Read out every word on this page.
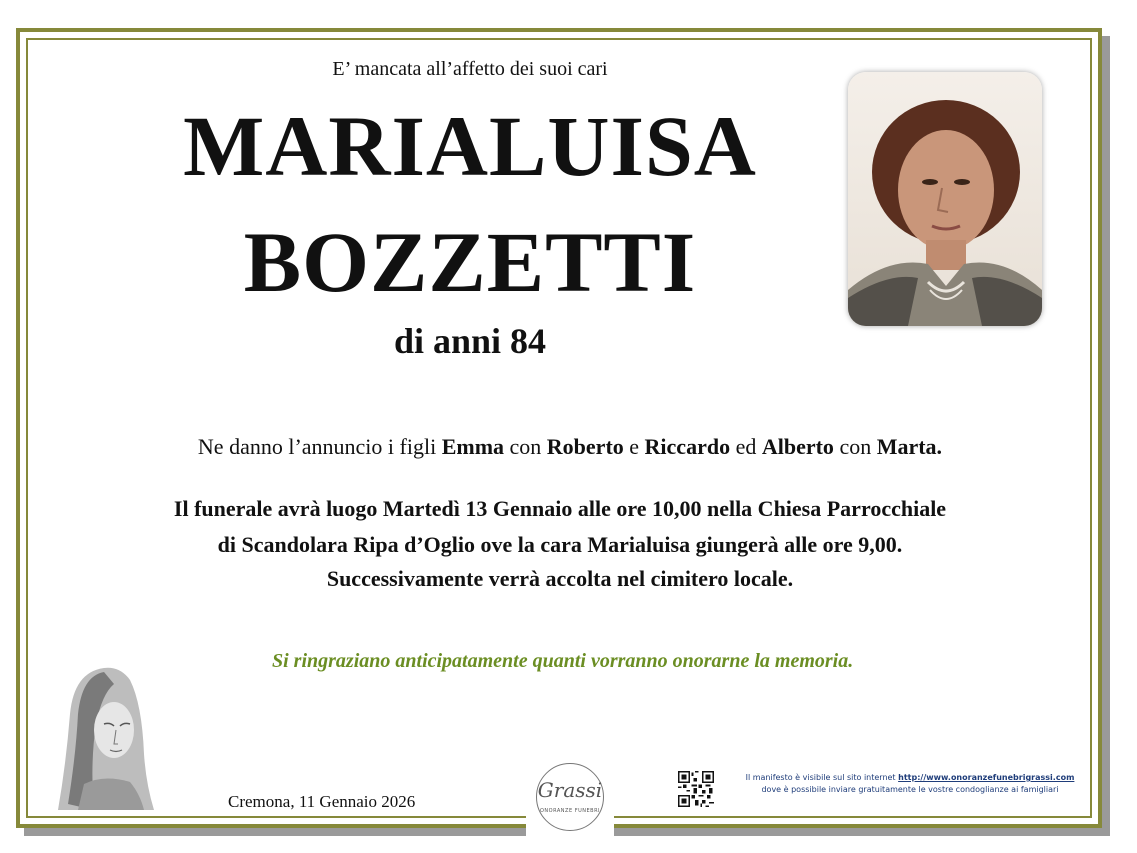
E’ mancata all’affetto dei suoi cari
MARIALUISA
BOZZETTI
di anni 84
Ne danno l’annuncio i figli Emma con Roberto e Riccardo ed Alberto con Marta.
Il funerale avrà luogo Martedì 13 Gennaio alle ore 10,00 nella Chiesa Parrocchiale
di Scandolara Ripa d’Oglio ove la cara Marialuisa giungerà alle ore 9,00.
Successivamente verrà accolta nel cimitero locale.
Si ringraziano anticipatamente quanti vorranno onorarne la memoria.
Cremona, 11 Gennaio 2026	Grassi
ONORANZE FUNEBRI
Il manifesto è visibile sul sito internet http://www.onoranzefunebrigrassi.com
dove è possibile inviare gratuitamente le vostre condoglianze ai famigliari
